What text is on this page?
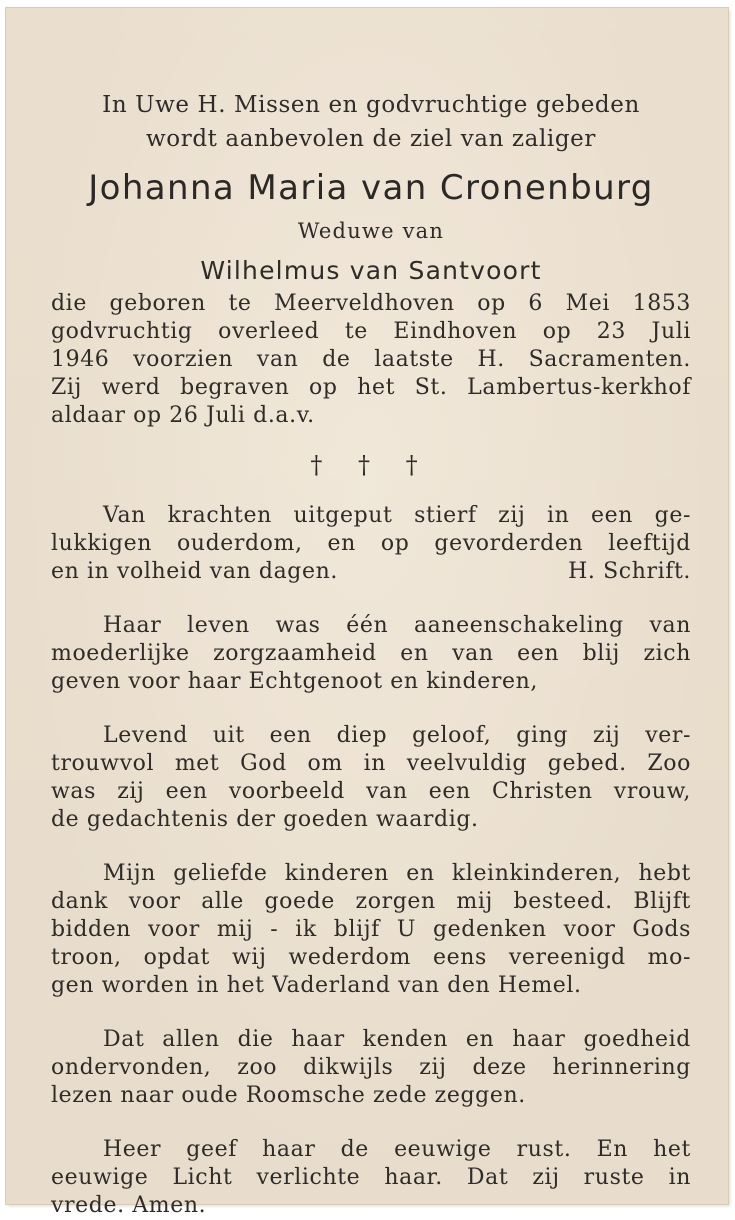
In Uwe H. Missen en godvruchtige gebeden
wordt aanbevolen de ziel van zaliger

Johanna Maria van Cronenburg
Weduwe van
Wilhelmus van Santvoort
die geboren te Meerveldhoven op 6 Mei 1853
godvruchtig overleed te Eindhoven op 23 Juli
1946 voorzien van de laatste H. Sacramenten.
Zij werd begraven op het St. Lambertus-kerkhof
aldaar op 26 Juli d.a.v.
† † †
Van krachten uitgeput stierf zij in een ge-
lukkigen ouderdom, en op gevorderden leeftijd
en in volheid van dagen.	H. Schrift.
Haar leven was één aaneenschakeling van
moederlijke zorgzaamheid en van een blij zich
geven voor haar Echtgenoot en kinderen,
Levend uit een diep geloof, ging zij ver-
trouwvol met God om in veelvuldig gebed. Zoo
was zij een voorbeeld van een Christen vrouw,
de gedachtenis der goeden waardig.
Mijn geliefde kinderen en kleinkinderen, hebt
dank voor alle goede zorgen mij besteed. Blijft
bidden voor mij - ik blijf U gedenken voor Gods
troon, opdat wij wederdom eens vereenigd mo-
gen worden in het Vaderland van den Hemel.
Dat allen die haar kenden en haar goedheid
ondervonden, zoo dikwijls zij deze herinnering
lezen naar oude Roomsche zede zeggen.
Heer geef haar de eeuwige rust. En het
eeuwige Licht verlichte haar. Dat zij ruste in
vrede. Amen.
